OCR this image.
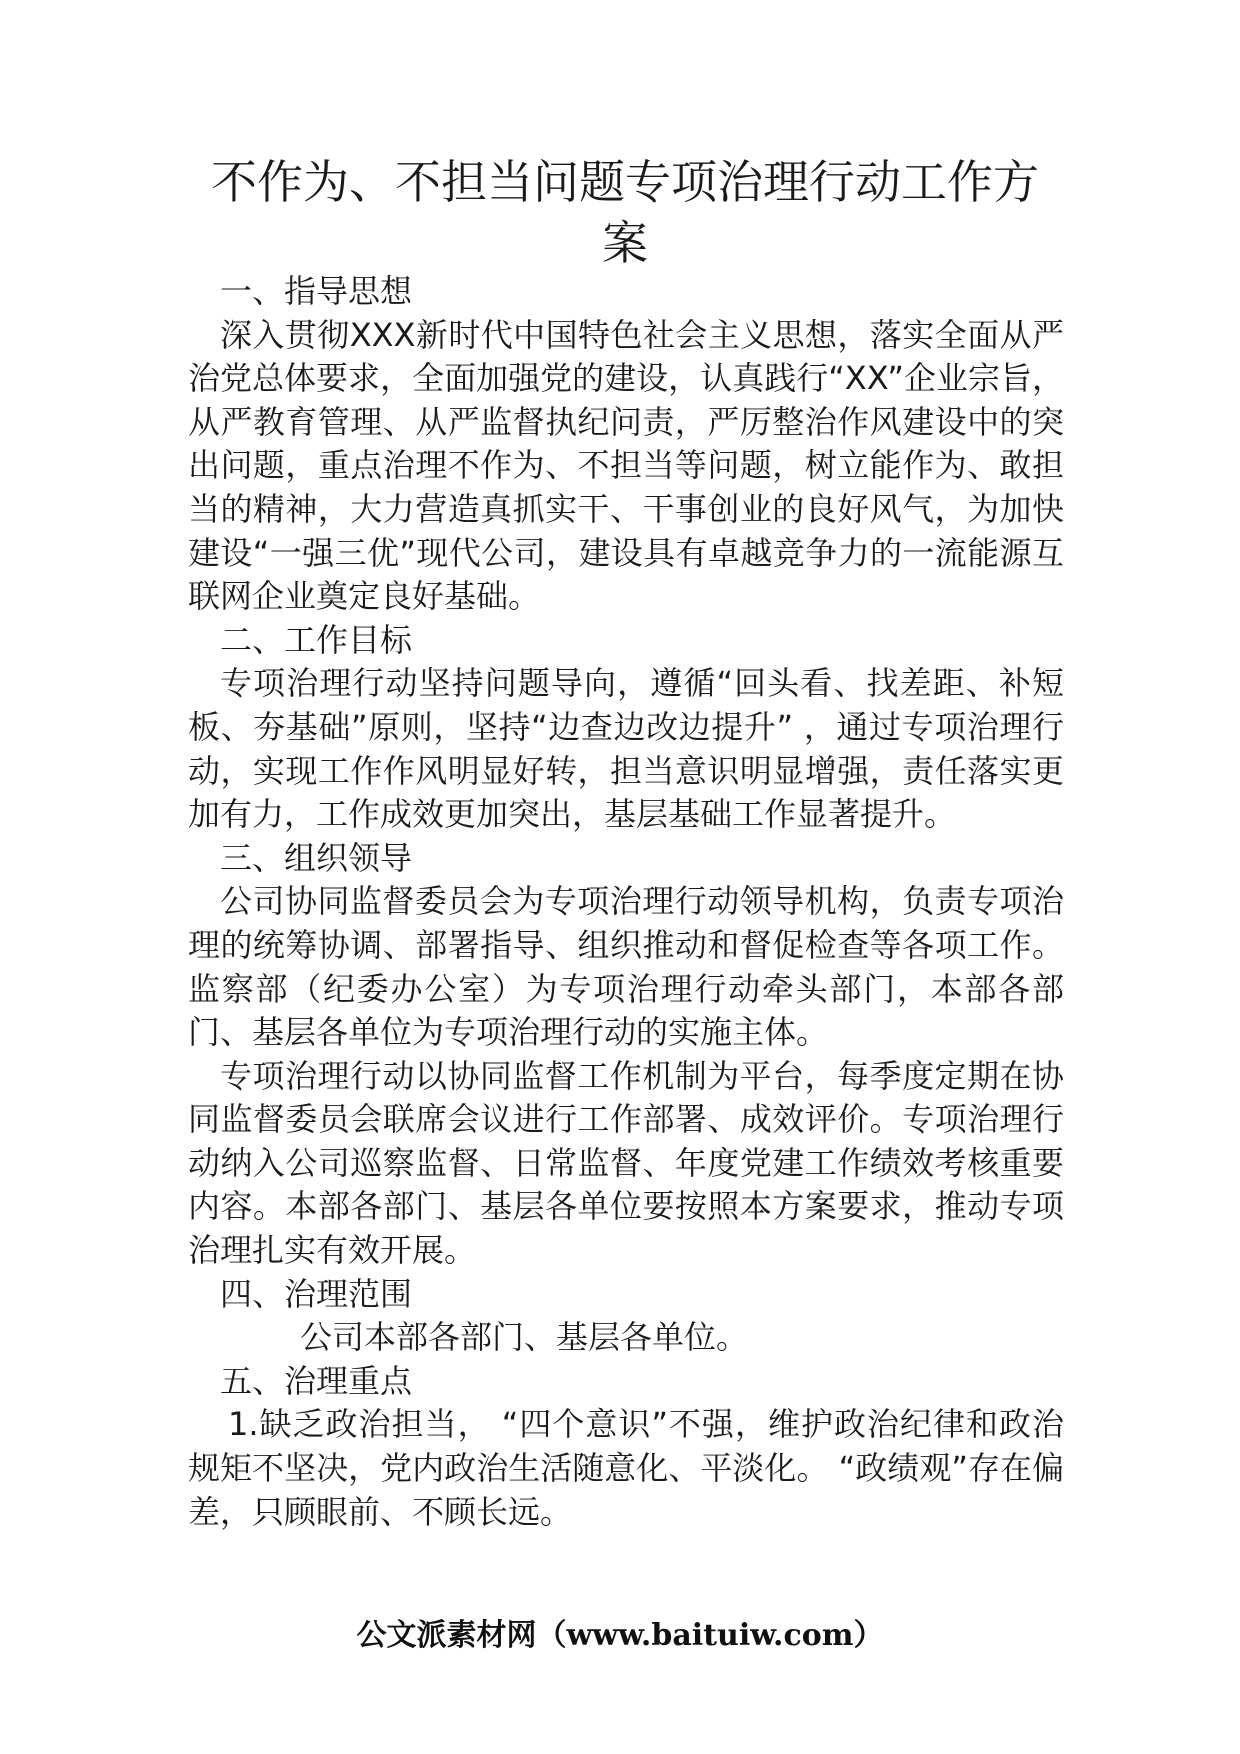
不作为、不担当问题专项治理行动工作方案

一、指导思想

深入贯彻XXX新时代中国特色社会主义思想，落实全面从严治党总体要求，全面加强党的建设，认真践行“XX”企业宗旨，从严教育管理、从严监督执纪问责，严厉整治作风建设中的突出问题，重点治理不作为、不担当等问题，树立能作为、敢担当的精神，大力营造真抓实干、干事创业的良好风气，为加快建设“一强三优”现代公司，建设具有卓越竞争力的一流能源互联网企业奠定良好基础。

二、工作目标

专项治理行动坚持问题导向，遵循“回头看、找差距、补短板、夯基础”原则，坚持“边查边改边提升” ，通过专项治理行动，实现工作作风明显好转，担当意识明显增强，责任落实更加有力，工作成效更加突出，基层基础工作显著提升。

三、组织领导

公司协同监督委员会为专项治理行动领导机构，负责专项治理的统筹协调、部署指导、组织推动和督促检查等各项工作。监察部（纪委办公室）为专项治理行动牵头部门，本部各部门、基层各单位为专项治理行动的实施主体。

专项治理行动以协同监督工作机制为平台，每季度定期在协同监督委员会联席会议进行工作部署、成效评价。专项治理行动纳入公司巡察监督、日常监督、年度党建工作绩效考核重要内容。本部各部门、基层各单位要按照本方案要求，推动专项治理扎实有效开展。

四、治理范围

公司本部各部门、基层各单位。

五、治理重点

1.缺乏政治担当， “四个意识”不强，维护政治纪律和政治规矩不坚决，党内政治生活随意化、平淡化。 “政绩观”存在偏差，只顾眼前、不顾长远。

公文派素材网（www.baituiw.com）
